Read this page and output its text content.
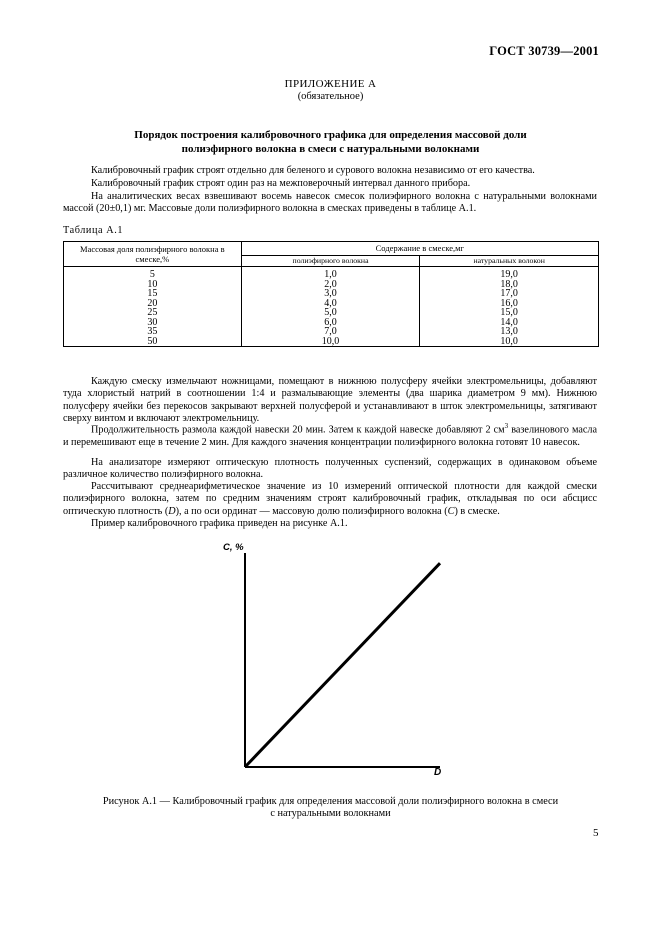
ГОСТ 30739—2001
ПРИЛОЖЕНИЕ А
(обязательное)
Порядок построения калибровочного графика для определения массовой доли
полиэфирного волокна в смеси с натуральными волокнами
Калибровочный график строят отдельно для беленого и сурового волокна независимо от его качества.
Калибровочный график строят один раз на межповерочный интервал данного прибора.
На аналитических весах взвешивают восемь навесок смесок полиэфирного волокна с натуральными волокнами массой (20±0,1) мг. Массовые доли полиэфирного волокна в смесках приведены в таблице А.1.
Таблица А.1
Массовая доля полиэфирного волокна в смеске,%	Содержание в смеске,мг	
	полиэфирного волокна	натуральных волокон
5	1,0	19,0
10	2,0	18,0
15	3,0	17,0
20	4,0	16,0
25	5,0	15,0
30	6,0	14,0
35	7,0	13,0
50	10,0	10,0
Каждую смеску измельчают ножницами, помещают в нижнюю полусферу ячейки электромельницы, добавляют туда хлористый натрий в соотношении 1:4 и размалывающие элементы (два шарика диаметром 9 мм). Нижнюю полусферу ячейки без перекосов закрывают верхней полусферой и устанавливают в шток электромельницы, затягивают сверху винтом и включают электромельницу.
Продолжительность размола каждой навески 20 мин. Затем к каждой навеске добавляют 2 $см^3$ вазелинового масла и перемешивают еще в течение 2 мин. Для каждого значения концентрации полиэфирного волокна готовят 10 навесок.
На анализаторе измеряют оптическую плотность полученных суспензий, содержащих в одинаковом объеме различное количество полиэфирного волокна.
Рассчитывают среднеарифметическое значение из 10 измерений оптической плотности для каждой смески полиэфирного волокна, затем по средним значениям строят калибровочный график, откладывая по оси абсцисс оптическую плотность (D), а по оси ординат — массовую долю полиэфирного волокна (C) в смеске.
Пример калибровочного графика приведен на рисунке А.1.
C, %
D
Рисунок А.1 — Калибровочный график для определения массовой доли полиэфирного волокна в смеси
с натуральными волокнами
5
